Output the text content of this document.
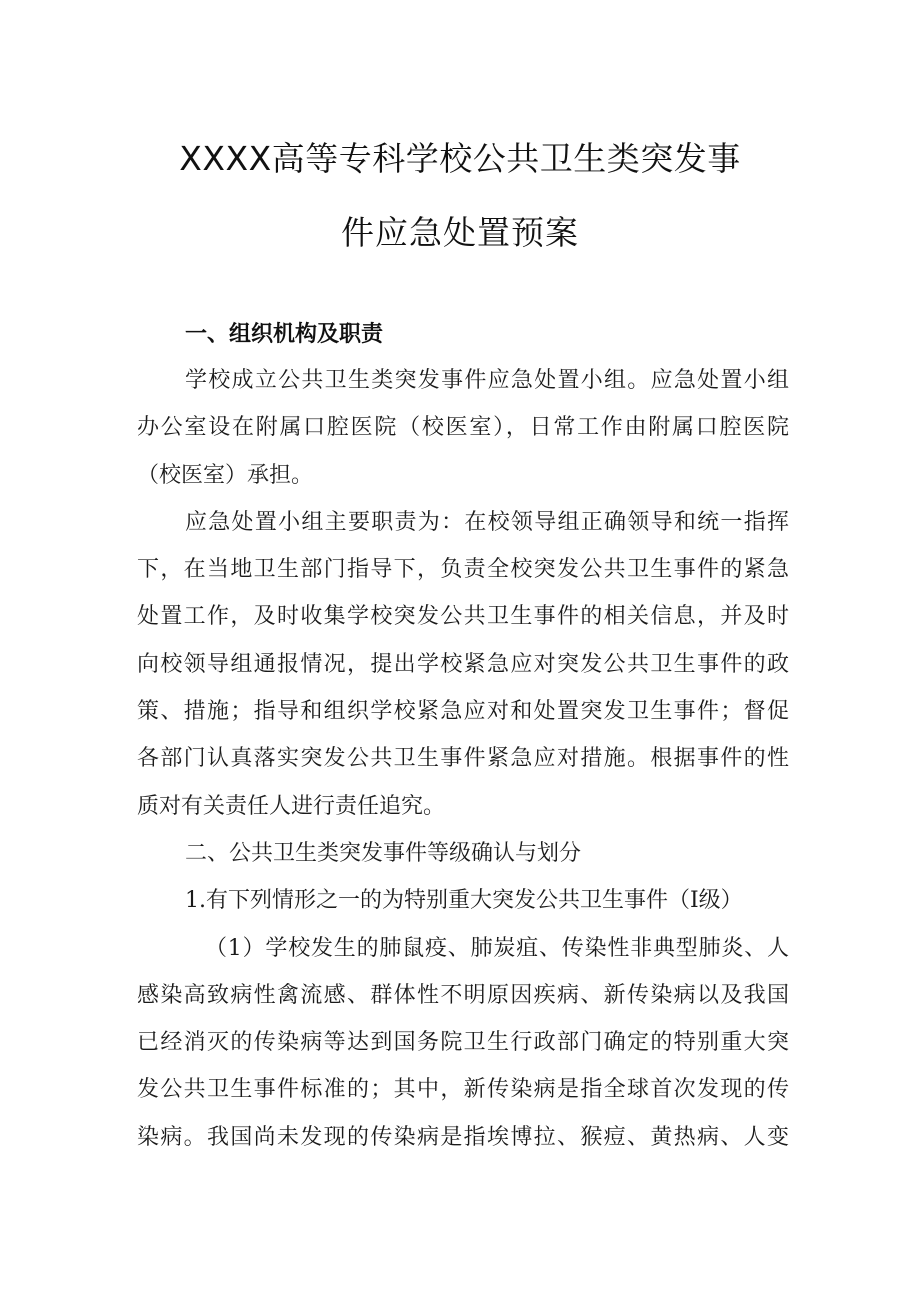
XXXX高等专科学校公共卫生类突发事
件应急处置预案
一、组织机构及职责
学校成立公共卫生类突发事件应急处置小组。应急处置小组
办公室设在附属口腔医院（校医室），日常工作由附属口腔医院
（校医室）承担。
应急处置小组主要职责为：在校领导组正确领导和统一指挥
下，在当地卫生部门指导下，负责全校突发公共卫生事件的紧急
处置工作，及时收集学校突发公共卫生事件的相关信息，并及时
向校领导组通报情况，提出学校紧急应对突发公共卫生事件的政
策、措施；指导和组织学校紧急应对和处置突发卫生事件；督促
各部门认真落实突发公共卫生事件紧急应对措施。根据事件的性
质对有关责任人进行责任追究。
二、公共卫生类突发事件等级确认与划分
1.有下列情形之一的为特别重大突发公共卫生事件（Ⅰ级）
（1）学校发生的肺鼠疫、肺炭疽、传染性非典型肺炎、人
感染高致病性禽流感、群体性不明原因疾病、新传染病以及我国
已经消灭的传染病等达到国务院卫生行政部门确定的特别重大突
发公共卫生事件标准的；其中，新传染病是指全球首次发现的传
染病。我国尚未发现的传染病是指埃博拉、猴痘、黄热病、人变
